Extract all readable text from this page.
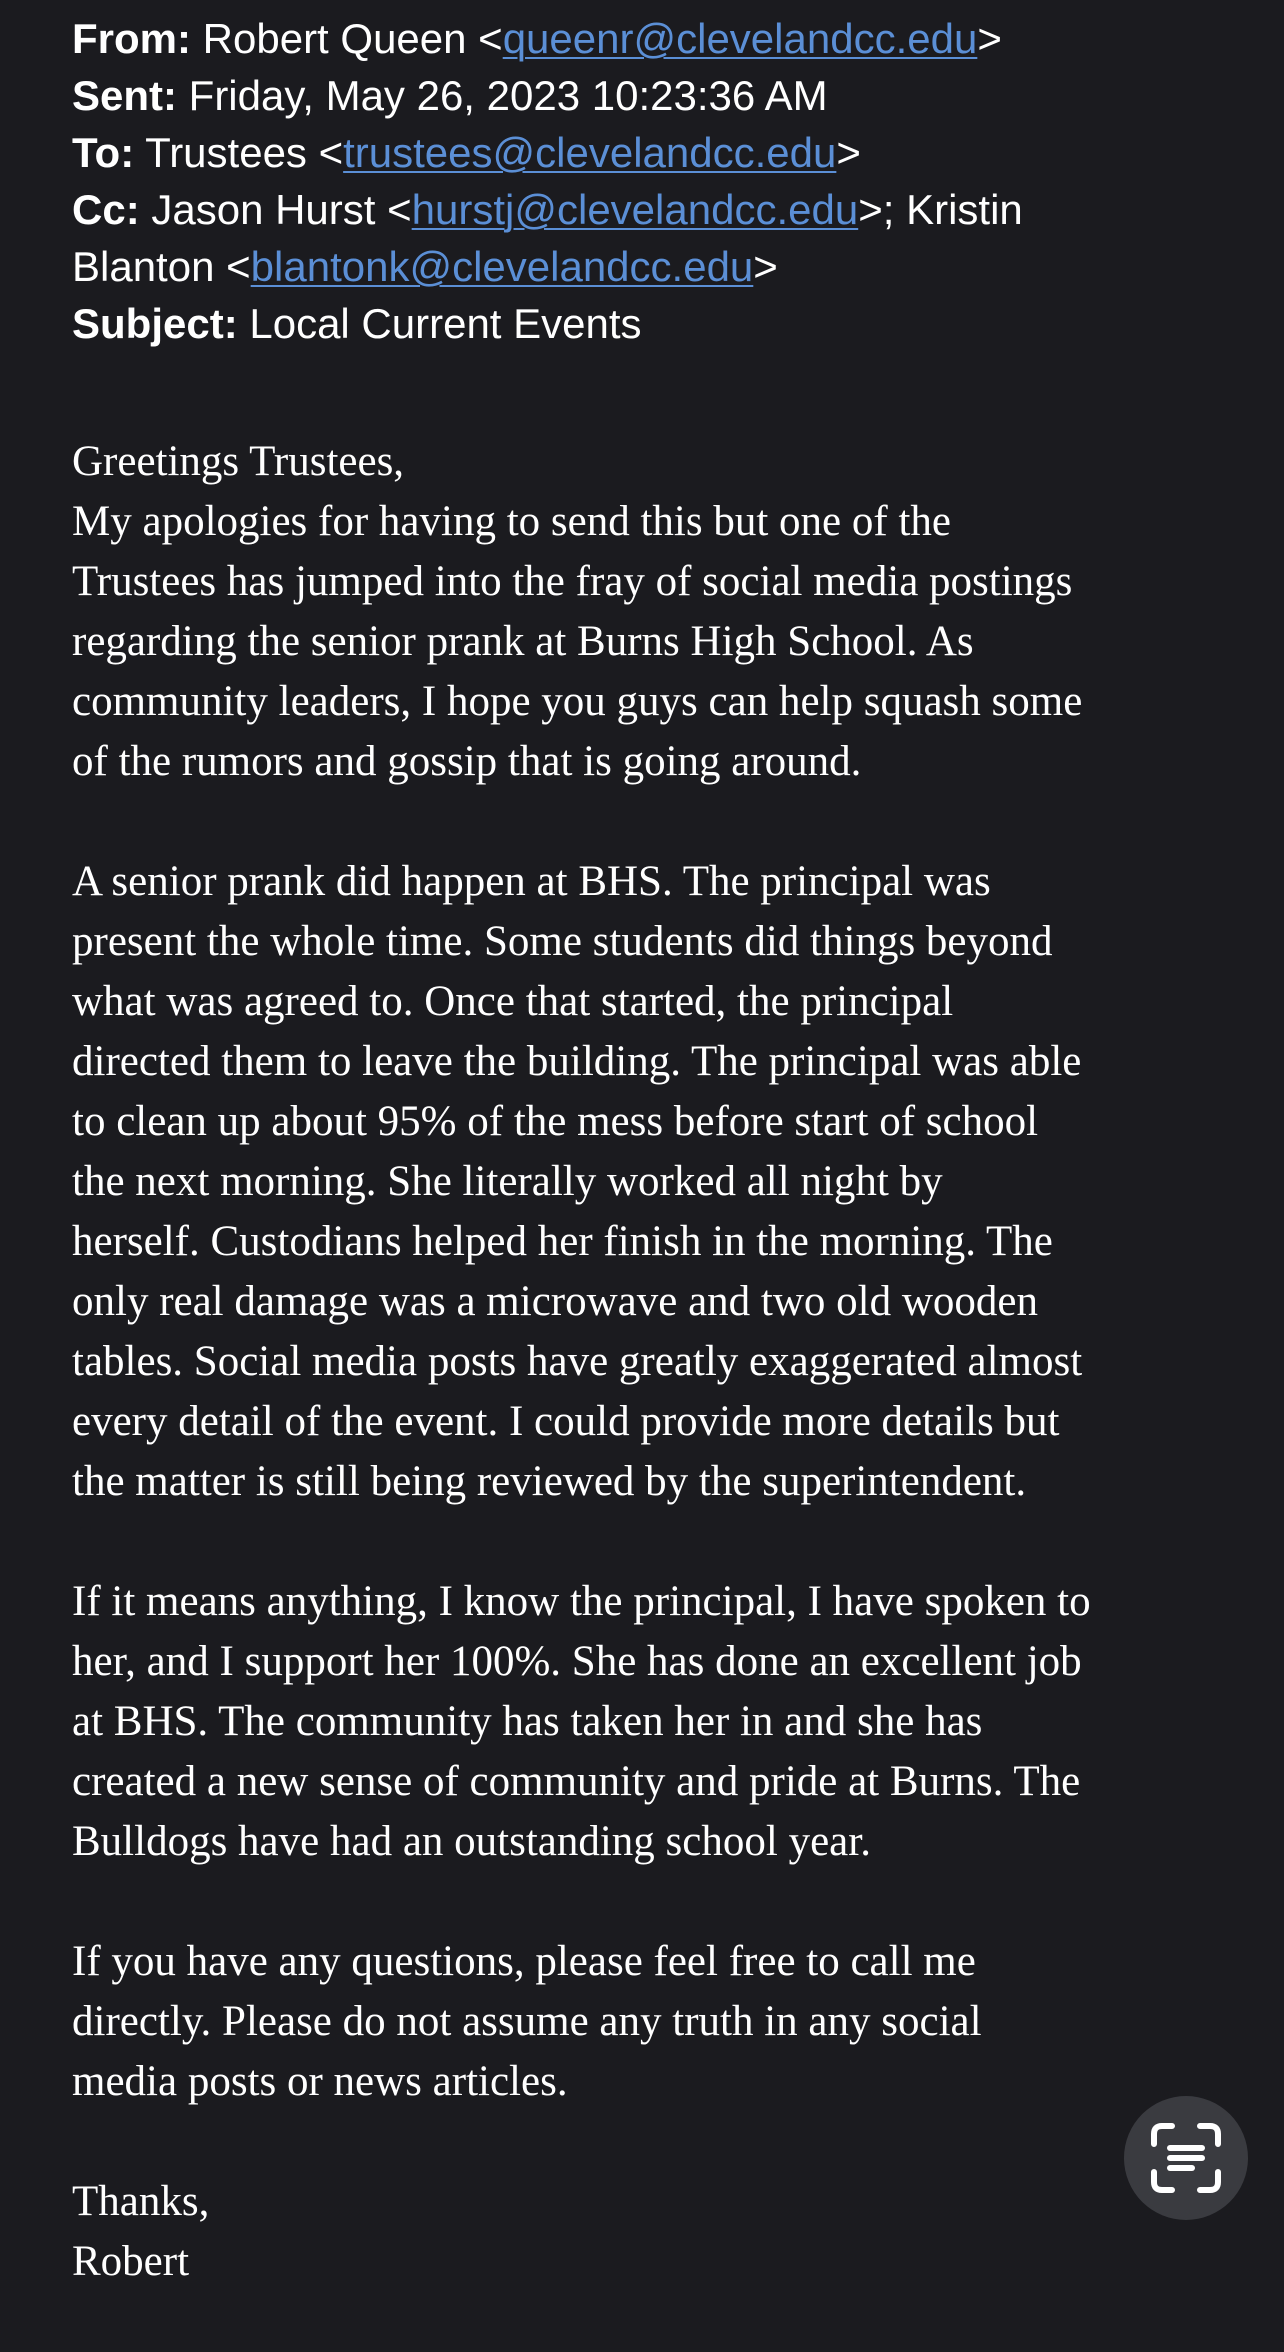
From: Robert Queen <queenr@clevelandcc.edu>
Sent: Friday, May 26, 2023 10:23:36 AM
To: Trustees <trustees@clevelandcc.edu>
Cc: Jason Hurst <hurstj@clevelandcc.edu>; Kristin
Blanton <blantonk@clevelandcc.edu>
Subject: Local Current Events
Greetings Trustees,
My apologies for having to send this but one of the
Trustees has jumped into the fray of social media postings
regarding the senior prank at Burns High School. As
community leaders, I hope you guys can help squash some
of the rumors and gossip that is going around.
A senior prank did happen at BHS. The principal was
present the whole time. Some students did things beyond
what was agreed to. Once that started, the principal
directed them to leave the building. The principal was able
to clean up about 95% of the mess before start of school
the next morning. She literally worked all night by
herself. Custodians helped her finish in the morning. The
only real damage was a microwave and two old wooden
tables. Social media posts have greatly exaggerated almost
every detail of the event. I could provide more details but
the matter is still being reviewed by the superintendent.
If it means anything, I know the principal, I have spoken to
her, and I support her 100%. She has done an excellent job
at BHS. The community has taken her in and she has
created a new sense of community and pride at Burns. The
Bulldogs have had an outstanding school year.
If you have any questions, please feel free to call me
directly. Please do not assume any truth in any social
media posts or news articles.
Thanks,
Robert
